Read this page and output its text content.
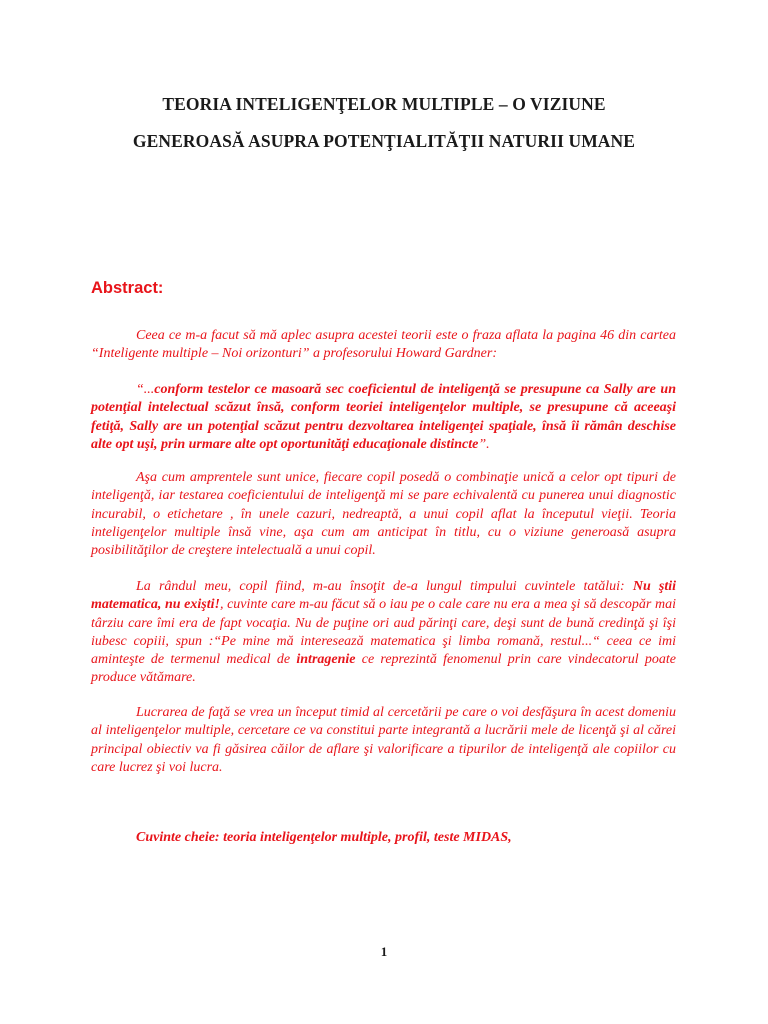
TEORIA INTELIGENŢELOR MULTIPLE – O VIZIUNE
GENEROASĂ ASUPRA POTENŢIALITĂŢII NATURII UMANE
Abstract:
Ceea ce m-a facut să mă aplec asupra acestei teorii este o fraza aflata la pagina 46 din cartea “Inteligente multiple – Noi orizonturi” a profesorului Howard Gardner:
“...conform testelor ce masoară sec coeficientul de inteligenţă se presupune ca Sally are un potenţial intelectual scăzut însă, conform teoriei inteligenţelor multiple, se presupune că aceeaşi fetiţă, Sally are un potenţial scăzut pentru dezvoltarea inteligenţei spaţiale, însă îi rămân deschise alte opt uşi, prin urmare alte opt oportunităţi educaţionale distincte”.
Aşa cum amprentele sunt unice, fiecare copil posedă o combinaţie unică a celor opt tipuri de inteligenţă, iar testarea coeficientului de inteligenţă mi se pare echivalentă cu punerea unui diagnostic incurabil, o etichetare , în unele cazuri, nedreaptă, a unui copil aflat la începutul vieţii. Teoria inteligenţelor multiple însă vine, aşa cum am anticipat în titlu, cu o viziune generoasă asupra posibilităţilor de creştere intelectuală a unui copil.
La rândul meu, copil fiind, m-au însoţit de-a lungul timpului cuvintele tatălui: Nu ştii matematica, nu exişti!, cuvinte care m-au făcut să o iau pe o cale care nu era a mea şi să descopăr mai târziu care îmi era de fapt vocaţia. Nu de puţine ori aud părinţi care, deşi sunt de bună credinţă şi îşi iubesc copiii, spun :“Pe mine mă interesează matematica şi limba romană, restul...“ ceea ce imi aminteşte de termenul medical de intragenie ce reprezintă fenomenul prin care vindecatorul poate produce vătămare.
Lucrarea de faţă se vrea un început timid al cercetării pe care o voi desfăşura în acest domeniu al inteligenţelor multiple, cercetare ce va constitui parte integrantă a lucrării mele de licenţă şi al cărei principal obiectiv va fi găsirea căilor de aflare şi valorificare a tipurilor de inteligenţă ale copiilor cu care lucrez şi voi lucra.
Cuvinte cheie: teoria inteligenţelor multiple, profil, teste MIDAS,
1
